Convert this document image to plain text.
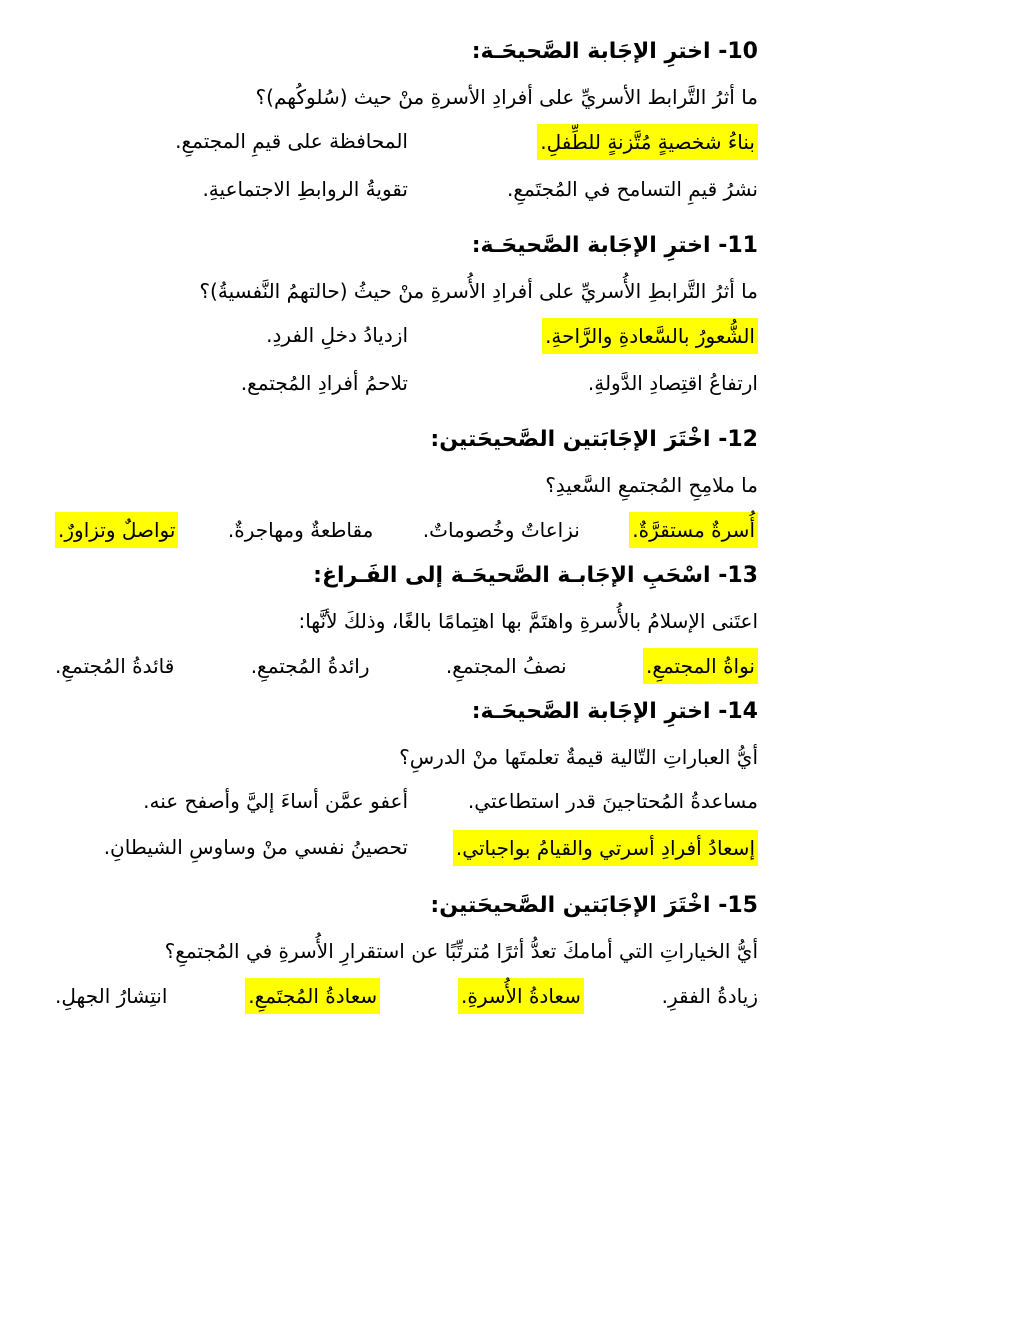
10- اخترِ الإجَابة الصَّحيحَـة:
ما أثرُ التَّرابط الأسريِّ على أفرادِ الأسرةِ منْ حيث (سُلوكُهم)؟
بناءُ شخصيةٍ مُتَّزنةٍ للطِّفلِ.
المحافظة على قيمِ المجتمعِ.
نشرُ قيمِ التسامح في المُجتَمعِ.
تقويةُ الروابطِ الاجتماعيةِ.
11- اخترِ الإجَابة الصَّحيحَـة:
ما أثرُ التَّرابطِ الأُسريِّ على أفرادِ الأُسرةِ منْ حيثُ (حالتهمُ النَّفسيةُ)؟
الشُّعورُ بالسَّعادةِ والرَّاحةِ.
ازديادُ دخلِ الفردِ.
ارتفاعُ اقتِصادِ الدَّولةِ.
تلاحمُ أفرادِ المُجتمع.
12- اخْتَرَ الإجَابَتين الصَّحيحَتين:
ما ملامِحِ المُجتمعِ السَّعيدِ؟
أُسرةٌ مستقرَّةٌ.
نزاعاتٌ وخُصوماتٌ.
مقاطعةٌ ومهاجرةٌ.
تواصلٌ وتزاورٌ.
13- اسْحَبِ الإجَابـة الصَّحيحَـة إلى الفَـراغ:
اعتَنى الإسلامُ بالأُسرةِ واهتَمَّ بها اهتِمامًا بالغًا، وذلكَ لأنَّها:
نواةُ المجتمعِ.
نصفُ المجتمعِ.
رائدةُ المُجتمعِ.
قائدةُ المُجتمعِ.
14- اخترِ الإجَابة الصَّحيحَـة:
أيُّ العباراتِ التّالية قيمةٌ تعلمتَها منْ الدرسِ؟
مساعدةُ المُحتاجينَ قدر استطاعتي.
أعفو عمَّن أساءَ إليَّ وأصفح عنه.
إسعادُ أفرادِ أسرتي والقيامُ بواجباتي.
تحصينُ نفسي منْ وساوسِ الشيطانِ.
15- اخْتَرَ الإجَابَتين الصَّحيحَتين:
أيُّ الخياراتِ التي أمامكَ تعدُّ أثرًا مُترتِّبًا عن استقرارِ الأُسرةِ في المُجتمعِ؟
زيادةُ الفقرِ.
سعادةُ الأُسرةِ.
سعادةُ المُجتَمعِ.
انتِشارُ الجهلِ.
